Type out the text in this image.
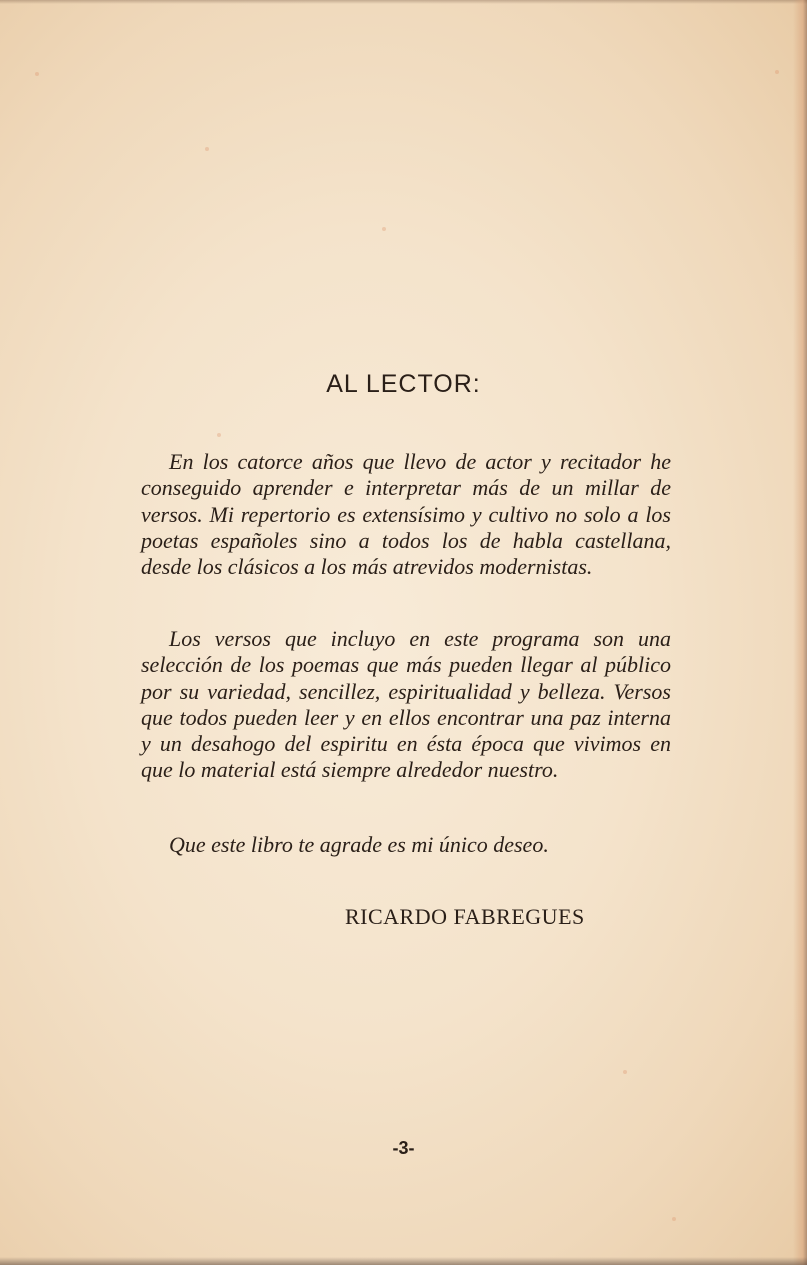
AL LECTOR:

En los catorce años que llevo de actor y recitador he conseguido aprender e interpretar más de un millar de versos. Mi repertorio es extensísimo y cultivo no solo a los poetas españoles sino a todos los de habla castellana, desde los clásicos a los más atrevidos modernistas.

Los versos que incluyo en este programa son una selección de los poemas que más pueden llegar al público por su variedad, sencillez, espiritualidad y belleza. Versos que todos pueden leer y en ellos encontrar una paz interna y un desahogo del espiritu en ésta época que vivimos en que lo material está siempre alrededor nuestro.

Que este libro te agrade es mi único deseo.

RICARDO FABREGUES

-3-
